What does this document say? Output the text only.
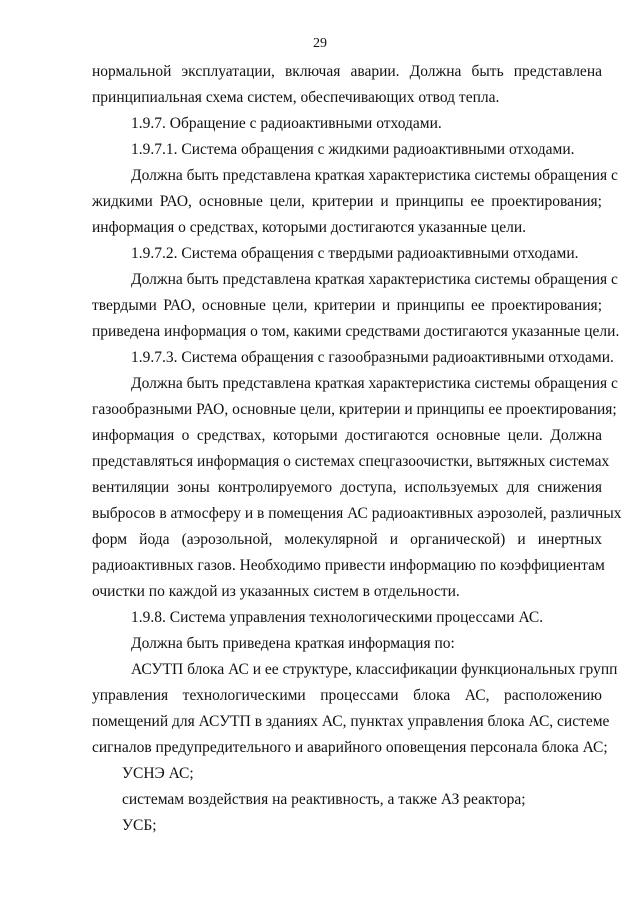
29
нормальной эксплуатации, включая аварии. Должна быть представлена
принципиальная схема систем, обеспечивающих отвод тепла.
1.9.7. Обращение с радиоактивными отходами.
1.9.7.1. Система обращения с жидкими радиоактивными отходами.
Должна быть представлена краткая характеристика системы обращения с
жидкими РАО, основные цели, критерии и принципы ее проектирования;
информация о средствах, которыми достигаются указанные цели.
1.9.7.2. Система обращения с твердыми радиоактивными отходами.
Должна быть представлена краткая характеристика системы обращения с
твердыми РАО, основные цели, критерии и принципы ее проектирования;
приведена информация о том, какими средствами достигаются указанные цели.
1.9.7.3. Система обращения с газообразными радиоактивными отходами.
Должна быть представлена краткая характеристика системы обращения с
газообразными РАО, основные цели, критерии и принципы ее проектирования;
информация о средствах, которыми достигаются основные цели. Должна
представляться информация о системах спецгазоочистки, вытяжных системах
вентиляции зоны контролируемого доступа, используемых для снижения
выбросов в атмосферу и в помещения АС радиоактивных аэрозолей, различных
форм йода (аэрозольной, молекулярной и органической) и инертных
радиоактивных газов. Необходимо привести информацию по коэффициентам
очистки по каждой из указанных систем в отдельности.
1.9.8. Система управления технологическими процессами АС.
Должна быть приведена краткая информация по:
АСУТП блока АС и ее структуре, классификации функциональных групп
управления технологическими процессами блока АС, расположению
помещений для АСУТП в зданиях АС, пунктах управления блока АС, системе
сигналов предупредительного и аварийного оповещения персонала блока АС;
УСНЭ АС;
системам воздействия на реактивность, а также АЗ реактора;
УСБ;
